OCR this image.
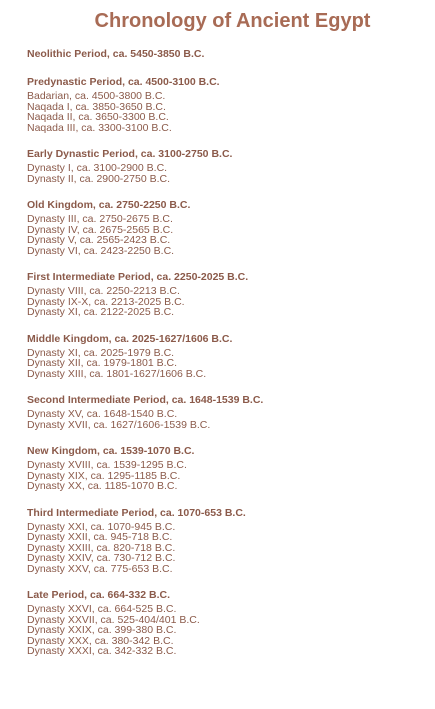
Chronology of Ancient Egypt
Neolithic Period, ca. 5450-3850 B.C.
Predynastic Period, ca. 4500-3100 B.C.
Badarian, ca. 4500-3800 B.C.
Naqada I, ca. 3850-3650 B.C.
Naqada II, ca. 3650-3300 B.C.
Naqada III, ca. 3300-3100 B.C.
Early Dynastic Period, ca. 3100-2750 B.C.
Dynasty I, ca. 3100-2900 B.C.
Dynasty II, ca. 2900-2750 B.C.
Old Kingdom, ca. 2750-2250 B.C.
Dynasty III, ca. 2750-2675 B.C.
Dynasty IV, ca. 2675-2565 B.C.
Dynasty V, ca. 2565-2423 B.C.
Dynasty VI, ca. 2423-2250 B.C.
First Intermediate Period, ca. 2250-2025 B.C.
Dynasty VIII, ca. 2250-2213 B.C.
Dynasty IX-X, ca. 2213-2025 B.C.
Dynasty XI, ca. 2122-2025 B.C.
Middle Kingdom, ca. 2025-1627/1606 B.C.
Dynasty XI, ca. 2025-1979 B.C.
Dynasty XII, ca. 1979-1801 B.C.
Dynasty XIII, ca. 1801-1627/1606 B.C.
Second Intermediate Period, ca. 1648-1539 B.C.
Dynasty XV, ca. 1648-1540 B.C.
Dynasty XVII, ca. 1627/1606-1539 B.C.
New Kingdom, ca. 1539-1070 B.C.
Dynasty XVIII, ca. 1539-1295 B.C.
Dynasty XIX, ca. 1295-1185 B.C.
Dynasty XX, ca. 1185-1070 B.C.
Third Intermediate Period, ca. 1070-653 B.C.
Dynasty XXI, ca. 1070-945 B.C.
Dynasty XXII, ca. 945-718 B.C.
Dynasty XXIII, ca. 820-718 B.C.
Dynasty XXIV, ca. 730-712 B.C.
Dynasty XXV, ca. 775-653 B.C.
Late Period, ca. 664-332 B.C.
Dynasty XXVI, ca. 664-525 B.C.
Dynasty XXVII, ca. 525-404/401 B.C.
Dynasty XXIX, ca. 399-380 B.C.
Dynasty XXX, ca. 380-342 B.C.
Dynasty XXXI, ca. 342-332 B.C.
